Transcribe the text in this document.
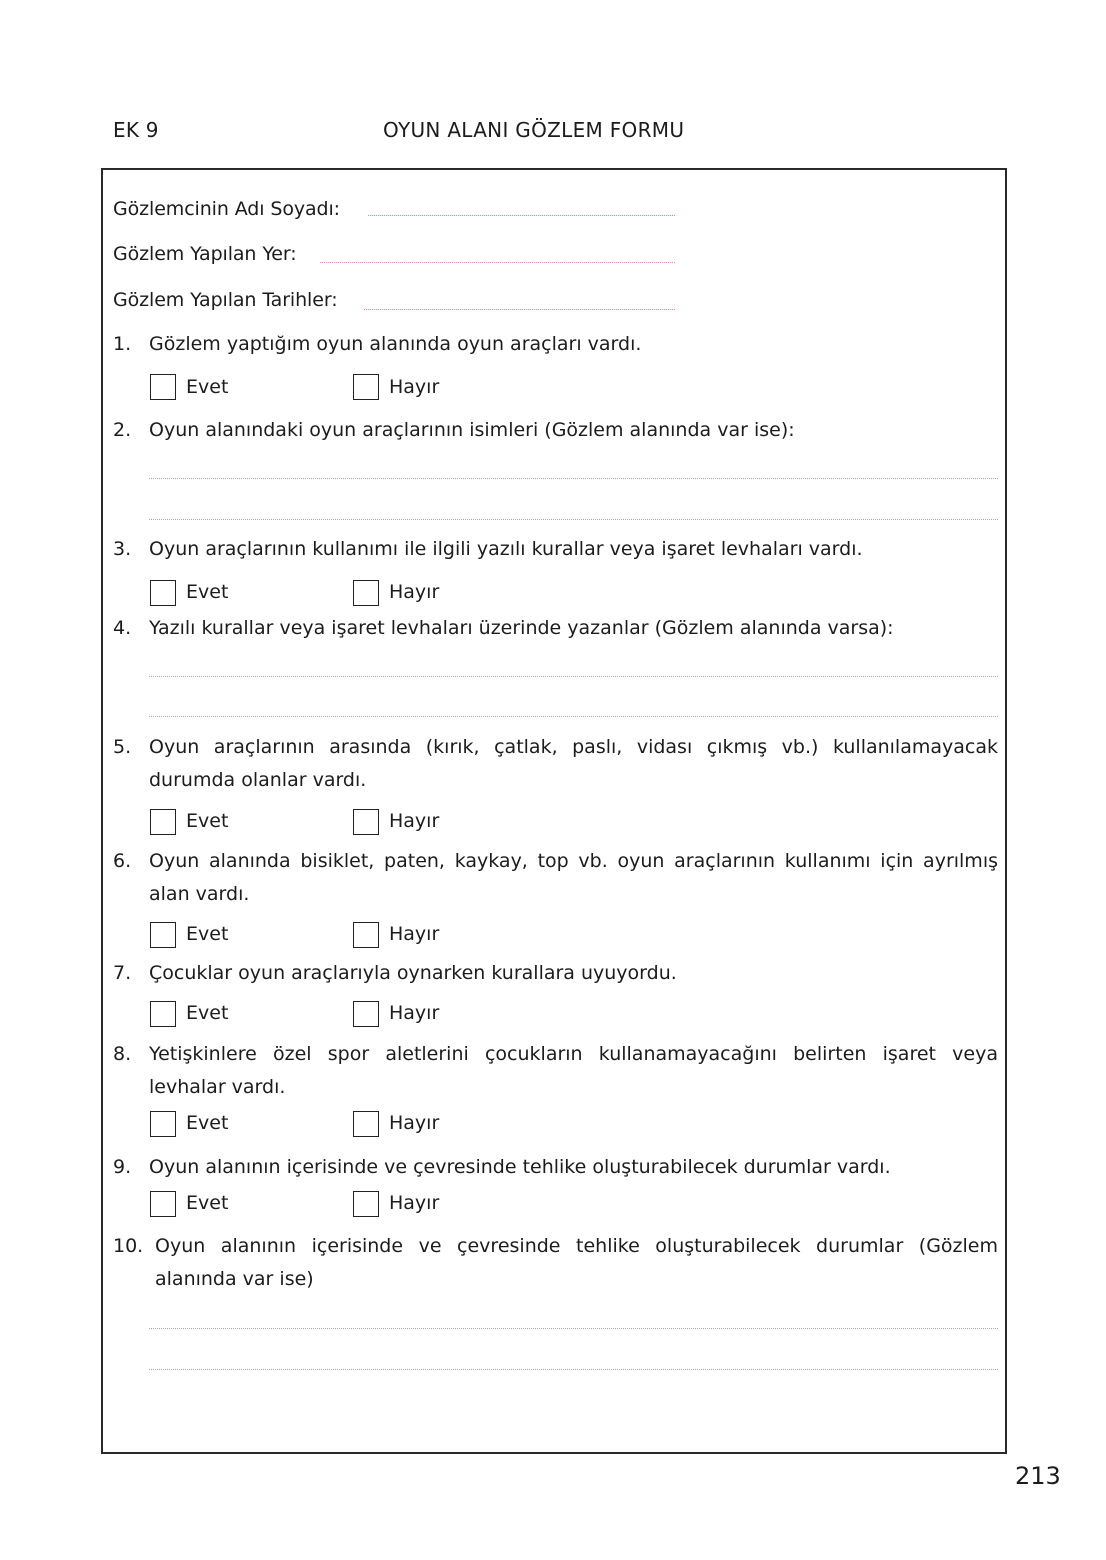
EK 9	OYUN ALANI GÖZLEM FORMU
Gözlemcinin Adı Soyadı:
Gözlem Yapılan Yer:
Gözlem Yapılan Tarihler:
1. Gözlem yaptığım oyun alanında oyun araçları vardı.
Evet	Hayır
2. Oyun alanındaki oyun araçlarının isimleri (Gözlem alanında var ise):
3. Oyun araçlarının kullanımı ile ilgili yazılı kurallar veya işaret levhaları vardı.
Evet	Hayır
4. Yazılı kurallar veya işaret levhaları üzerinde yazanlar (Gözlem alanında varsa):
5. Oyun araçlarının arasında (kırık, çatlak, paslı, vidası çıkmış vb.) kullanılamayacak durumda olanlar vardı.
Evet	Hayır
6. Oyun alanında bisiklet, paten, kaykay, top vb. oyun araçlarının kullanımı için ayrılmış alan vardı.
Evet	Hayır
7. Çocuklar oyun araçlarıyla oynarken kurallara uyuyordu.
Evet	Hayır
8. Yetişkinlere özel spor aletlerini çocukların kullanamayacağını belirten işaret veya levhalar vardı.
Evet	Hayır
9. Oyun alanının içerisinde ve çevresinde tehlike oluşturabilecek durumlar vardı.
Evet	Hayır
10. Oyun alanının içerisinde ve çevresinde tehlike oluşturabilecek durumlar (Gözlem alanında var ise)
213
